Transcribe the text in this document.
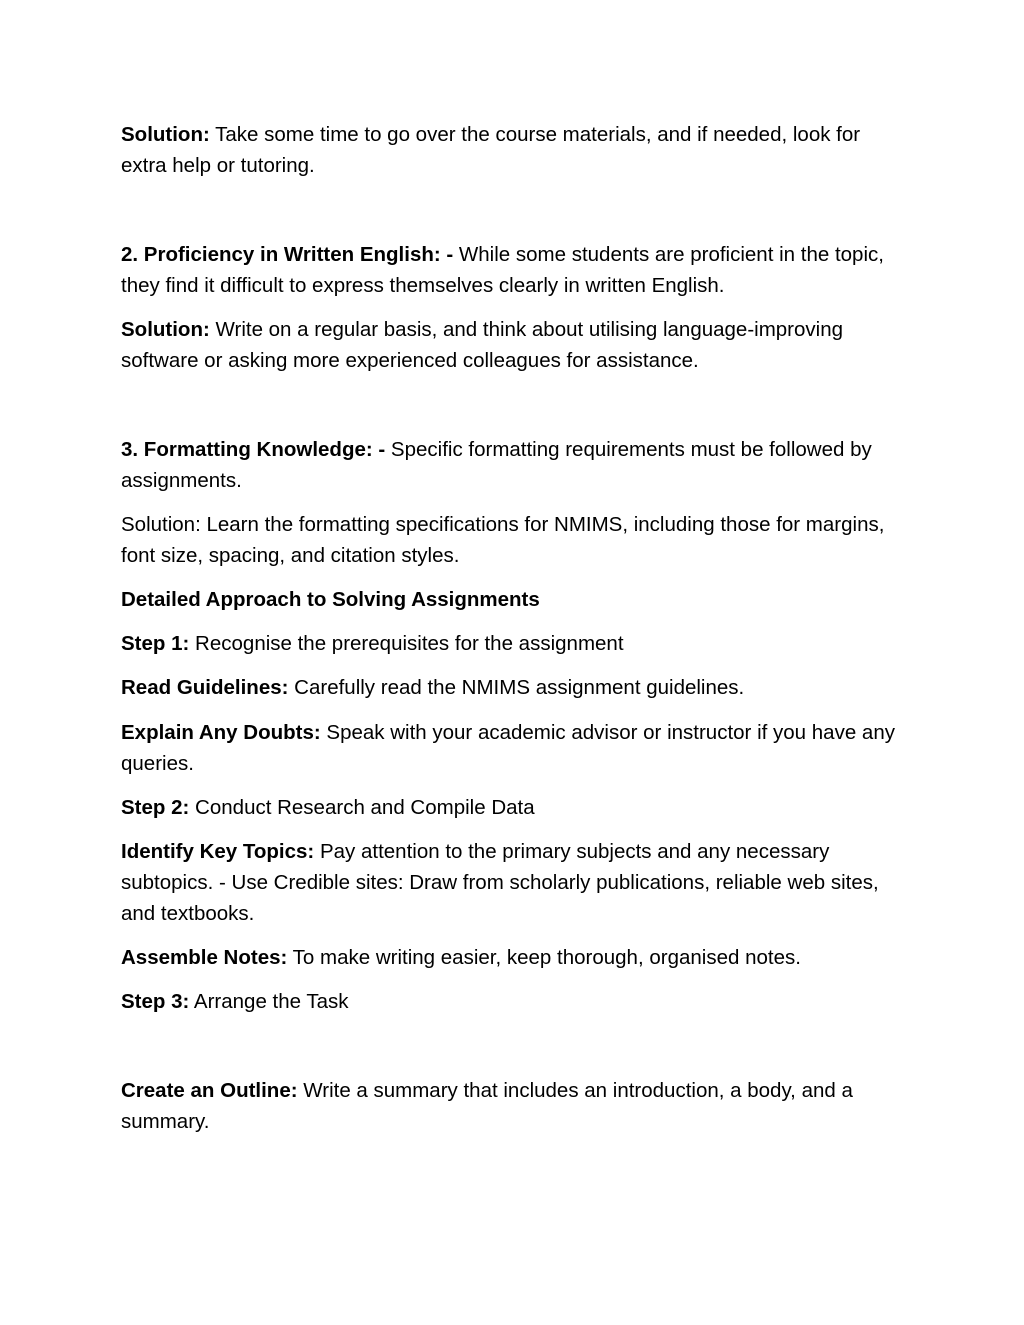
Solution: Take some time to go over the course materials, and if needed, look for extra help or tutoring.

2. Proficiency in Written English: - While some students are proficient in the topic, they find it difficult to express themselves clearly in written English.

Solution: Write on a regular basis, and think about utilising language-improving software or asking more experienced colleagues for assistance.

3. Formatting Knowledge: - Specific formatting requirements must be followed by assignments.

Solution: Learn the formatting specifications for NMIMS, including those for margins, font size, spacing, and citation styles.

Detailed Approach to Solving Assignments

Step 1: Recognise the prerequisites for the assignment

Read Guidelines: Carefully read the NMIMS assignment guidelines.

Explain Any Doubts: Speak with your academic advisor or instructor if you have any queries.

Step 2: Conduct Research and Compile Data

Identify Key Topics: Pay attention to the primary subjects and any necessary subtopics. - Use Credible sites: Draw from scholarly publications, reliable web sites, and textbooks.

Assemble Notes: To make writing easier, keep thorough, organised notes.

Step 3: Arrange the Task

Create an Outline: Write a summary that includes an introduction, a body, and a summary.
